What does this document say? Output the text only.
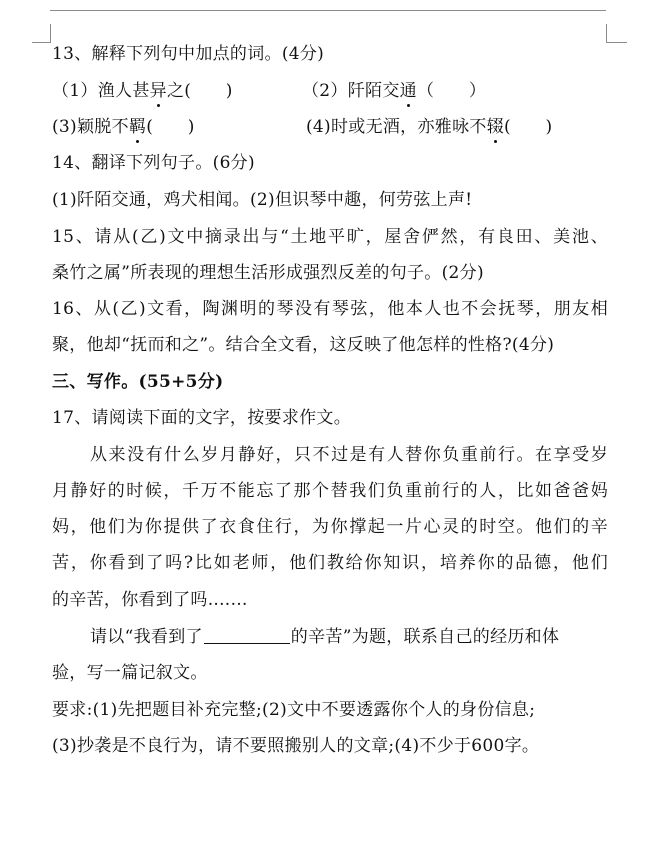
13、解释下列句中加点的词。(4分)
（1）渔人甚异之(　　)	（2）阡陌交通（　　）
(3)颖脱不羁(　　)	(4)时或无酒，亦雅咏不辍(　　)
14、翻译下列句子。(6分)
(1)阡陌交通，鸡犬相闻。(2)但识琴中趣，何劳弦上声!
15、请从(乙)文中摘录出与“土地平旷，屋舍俨然，有良田、美池、
桑竹之属”所表现的理想生活形成强烈反差的句子。(2分)
16、从(乙)文看，陶渊明的琴没有琴弦，他本人也不会抚琴，朋友相
聚，他却“抚而和之”。结合全文看，这反映了他怎样的性格?(4分)
三、写作。(55+5分)
17、请阅读下面的文字，按要求作文。
从来没有什么岁月静好，只不过是有人替你负重前行。在享受岁
月静好的时候，千万不能忘了那个替我们负重前行的人，比如爸爸妈
妈，他们为你提供了衣食住行，为你撑起一片心灵的时空。他们的辛
苦，你看到了吗?比如老师，他们教给你知识，培养你的品德，他们
的辛苦，你看到了吗....…
请以“我看到了	的辛苦”为题，联系自己的经历和体
验，写一篇记叙文。
要求:(1)先把题目补充完整;(2)文中不要透露你个人的身份信息;
(3)抄袭是不良行为，请不要照搬别人的文章;(4)不少于600字。
